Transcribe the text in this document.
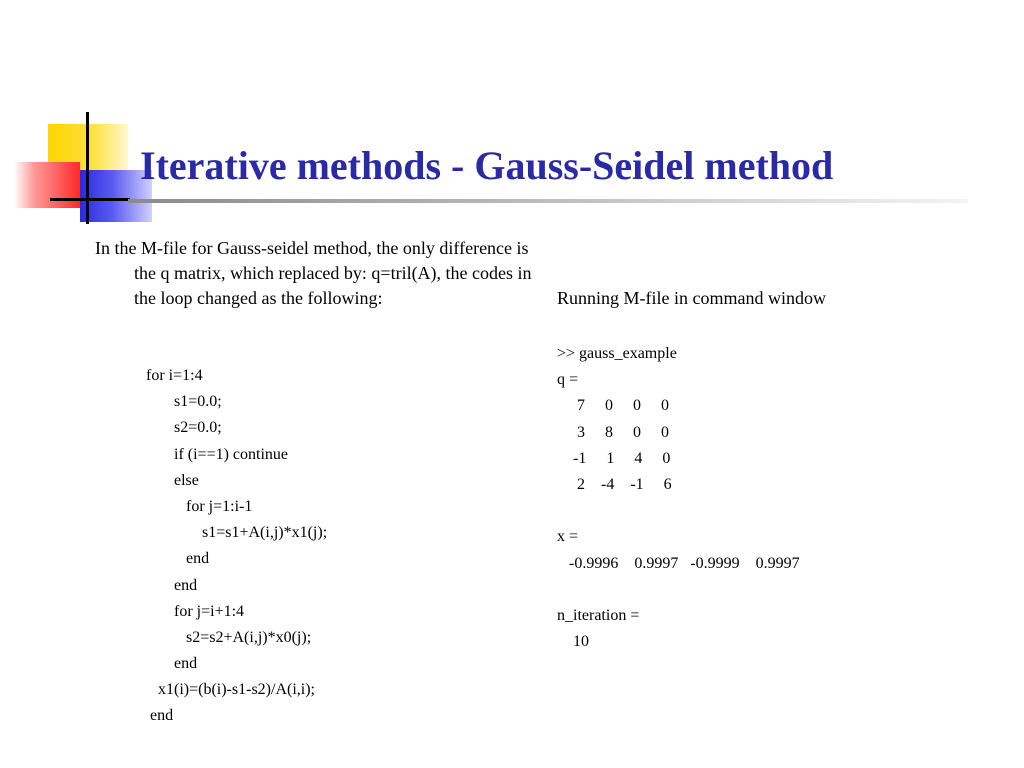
Iterative methods - Gauss-Seidel method
In the M-file for Gauss-seidel method, the only difference is the q matrix, which replaced by: q=tril(A), the codes in the loop changed as the following:
for i=1:4
s1=0.0;
s2=0.0;
if (i==1) continue
else
for j=1:i-1
s1=s1+A(i,j)*x1(j);
end
end
for j=i+1:4
s2=s2+A(i,j)*x0(j);
end
x1(i)=(b(i)-s1-s2)/A(i,i);
end
Running M-file in command window
>> gauss_example
q =
7     0     0     0
3     8     0     0
-1     1     4     0
2    -4    -1     6
x =
-0.9996    0.9997   -0.9999    0.9997
n_iteration =
10
